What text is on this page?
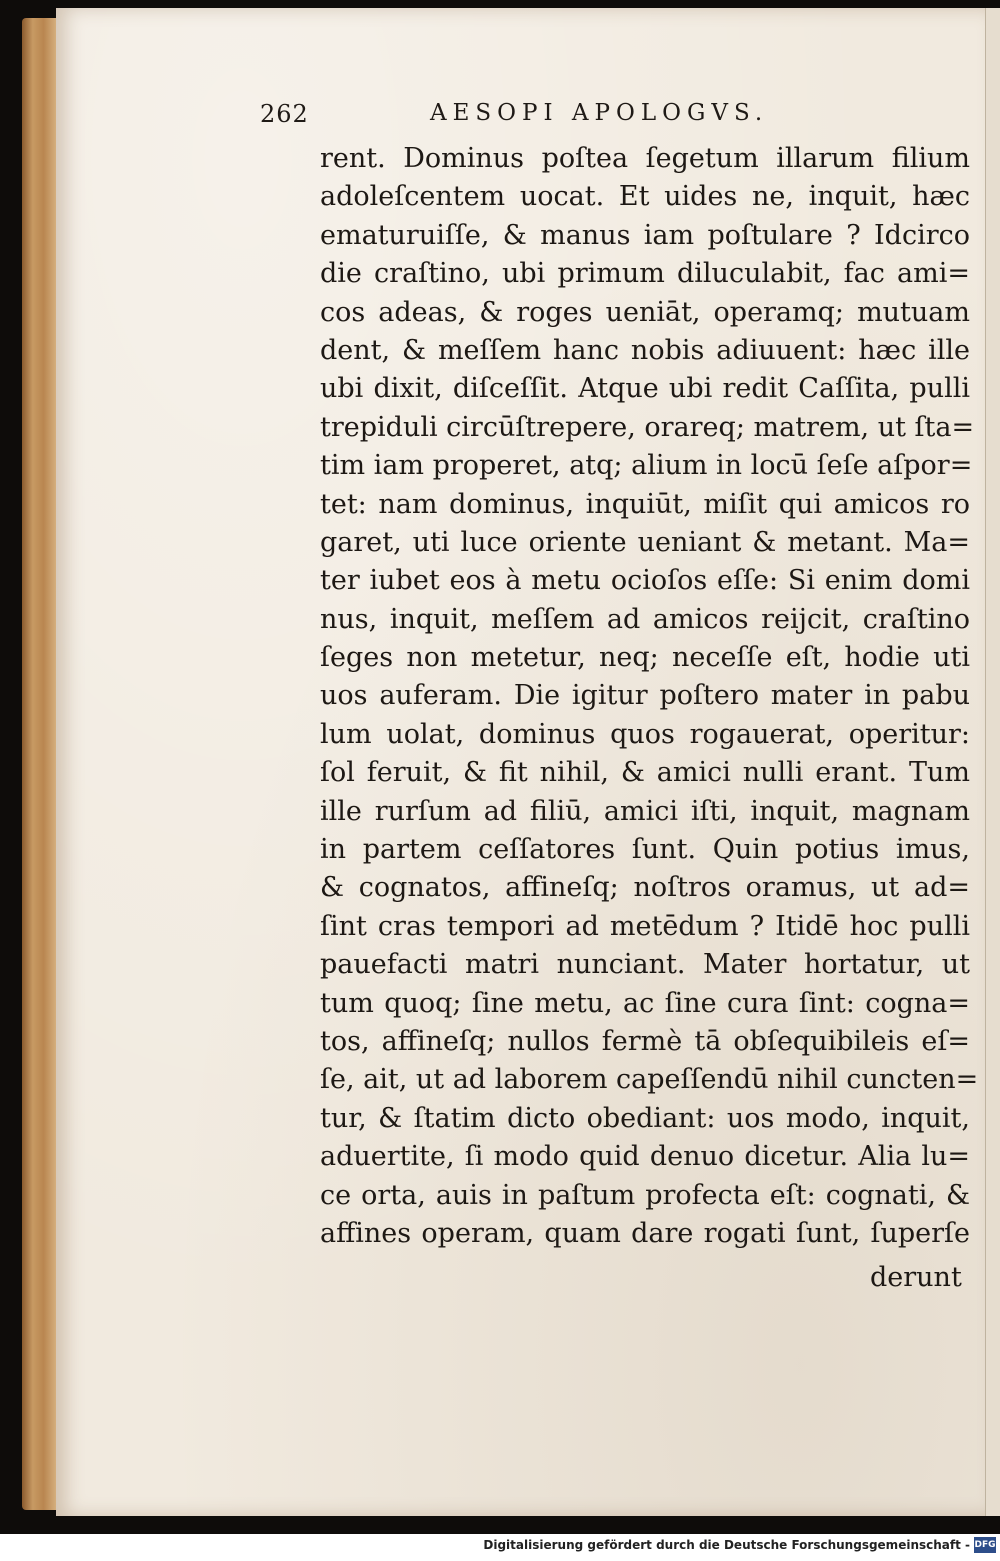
262	AESOPI APOLOGVS.
rent. Dominus poſtea ſegetum illarum filium
adoleſcentem uocat. Et uides ne, inquit, hæc
ematuruiſſe, & manus iam poſtulare ? Idcirco
die craſtino, ubi primum diluculabit, fac ami=
cos adeas, & roges ueniāt, operamq; mutuam
dent, & meſſem hanc nobis adiuuent: hæc ille
ubi dixit, diſceſſit. Atque ubi redit Caſſita, pulli
trepiduli circūſtrepere, orareq; matrem, ut ſta=
tim iam properet, atq; alium in locū ſeſe aſpor=
tet: nam dominus, inquiūt, miſit qui amicos ro
garet, uti luce oriente ueniant & metant. Ma=
ter iubet eos à metu ocioſos eſſe: Si enim domi
nus, inquit, meſſem ad amicos reijcit, craſtino
ſeges non metetur, neq; neceſſe eſt, hodie uti
uos auferam. Die igitur poſtero mater in pabu
lum uolat, dominus quos rogauerat, operitur:
ſol feruit, & fit nihil, & amici nulli erant. Tum
ille rurſum ad filiū, amici iſti, inquit, magnam
in partem ceſſatores ſunt. Quin potius imus,
& cognatos, affineſq; noſtros oramus, ut ad=
ſint cras tempori ad metēdum ? Itidē hoc pulli
pauefacti matri nunciant. Mater hortatur, ut
tum quoq; ſine metu, ac ſine cura ſint: cogna=
tos, affineſq; nullos fermè tā obſequibileis eſ=
ſe, ait, ut ad laborem capeſſendū nihil cuncten=
tur, & ſtatim dicto obediant: uos modo, inquit,
aduertite, ſi modo quid denuo dicetur. Alia lu=
ce orta, auis in paſtum profecta eſt: cognati, &
affines operam, quam dare rogati ſunt, ſuperſe
derunt
Digitalisierung gefördert durch die Deutsche Forschungsgemeinschaft - DFG
